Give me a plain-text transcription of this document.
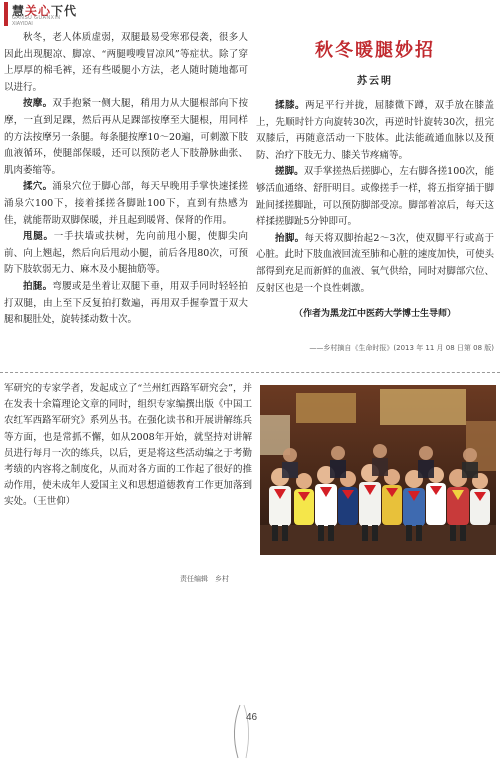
慧关心下代
GANSU GUANXIN
XIAYIDAI

秋冬，老人体质虚弱，双腿最易受寒邪侵袭，很多人因此出现腿凉、脚凉、“两腿嗖嗖冒凉风”等症状。除了穿上厚厚的棉毛裤，还有些暖腿小方法，老人随时随地都可以进行。

按摩。双手抱紧一侧大腿，稍用力从大腿根部向下按摩，一直到足踝，然后再从足踝部按摩至大腿根，用同样的方法按摩另一条腿。每条腿按摩10～20遍，可刺激下肢血液循环，使腿部保暖，还可以预防老人下肢静脉曲张、肌肉萎缩等。

揉穴。涌泉穴位于脚心部，每天早晚用手掌快速揉搓涌泉穴100下，接着揉搓各脚趾100下，直到有热感为佳，就能帮助双脚保暖，并且起到暖肾、保肾的作用。

甩腿。一手扶墙或扶树，先向前甩小腿，使脚尖向前、向上翘起，然后向后甩动小腿，前后各甩80次，可预防下肢软弱无力、麻木及小腿抽筋等。

拍腿。弯腰或是坐着让双腿下垂，用双手同时轻轻拍打双腿，由上至下反复拍打数遍，再用双手握拳置于双大腿和腿肚处，旋转揉动数十次。

秋冬暖腿妙招
苏云明

揉膝。两足平行并拢，屈膝微下蹲，双手放在膝盖上，先顺时针方向旋转30次，再逆时针旋转30次，扭完双膝后，再随意活动一下肢体。此法能疏通血脉以及预防、治疗下肢无力、膝关节疼痛等。

搓脚。双手掌搓热后搓脚心，左右脚各搓100次，能够活血通络、舒肝明目。或像搓手一样，将五指穿插于脚趾间揉搓脚趾，可以预防脚部受凉。脚部着凉后，每天这样揉搓脚趾5分钟即可。

抬脚。每天将双脚抬起2～3次，使双脚平行或高于心脏。此时下肢血液回流至肺和心脏的速度加快，可使头部得到充足而新鲜的血液、氧气供给，同时对脚部穴位、反射区也是一个良性刺激。

（作者为黑龙江中医药大学博士生导师）
——乡村摘自《生命时报》(2013 年 11 月 08 日第 08 版)

军研究的专家学者，发起成立了“兰州红西路军研究会”，并在发表十余篇理论文章的同时，组织专家编撰出版《中国工农红军西路军研究》系列丛书。在强化读书和开展讲解练兵等方面，也是常抓不懈，如从2008年开始，就坚持对讲解员进行每月一次的练兵，以后，更是将这些活动编之于考勤考绩的内容将之制度化，从而对各方面的工作起了很好的推动作用，使未成年人爱国主义和思想道德教育工作更加落到实处。（王世仰）

责任编辑　乡村
46
